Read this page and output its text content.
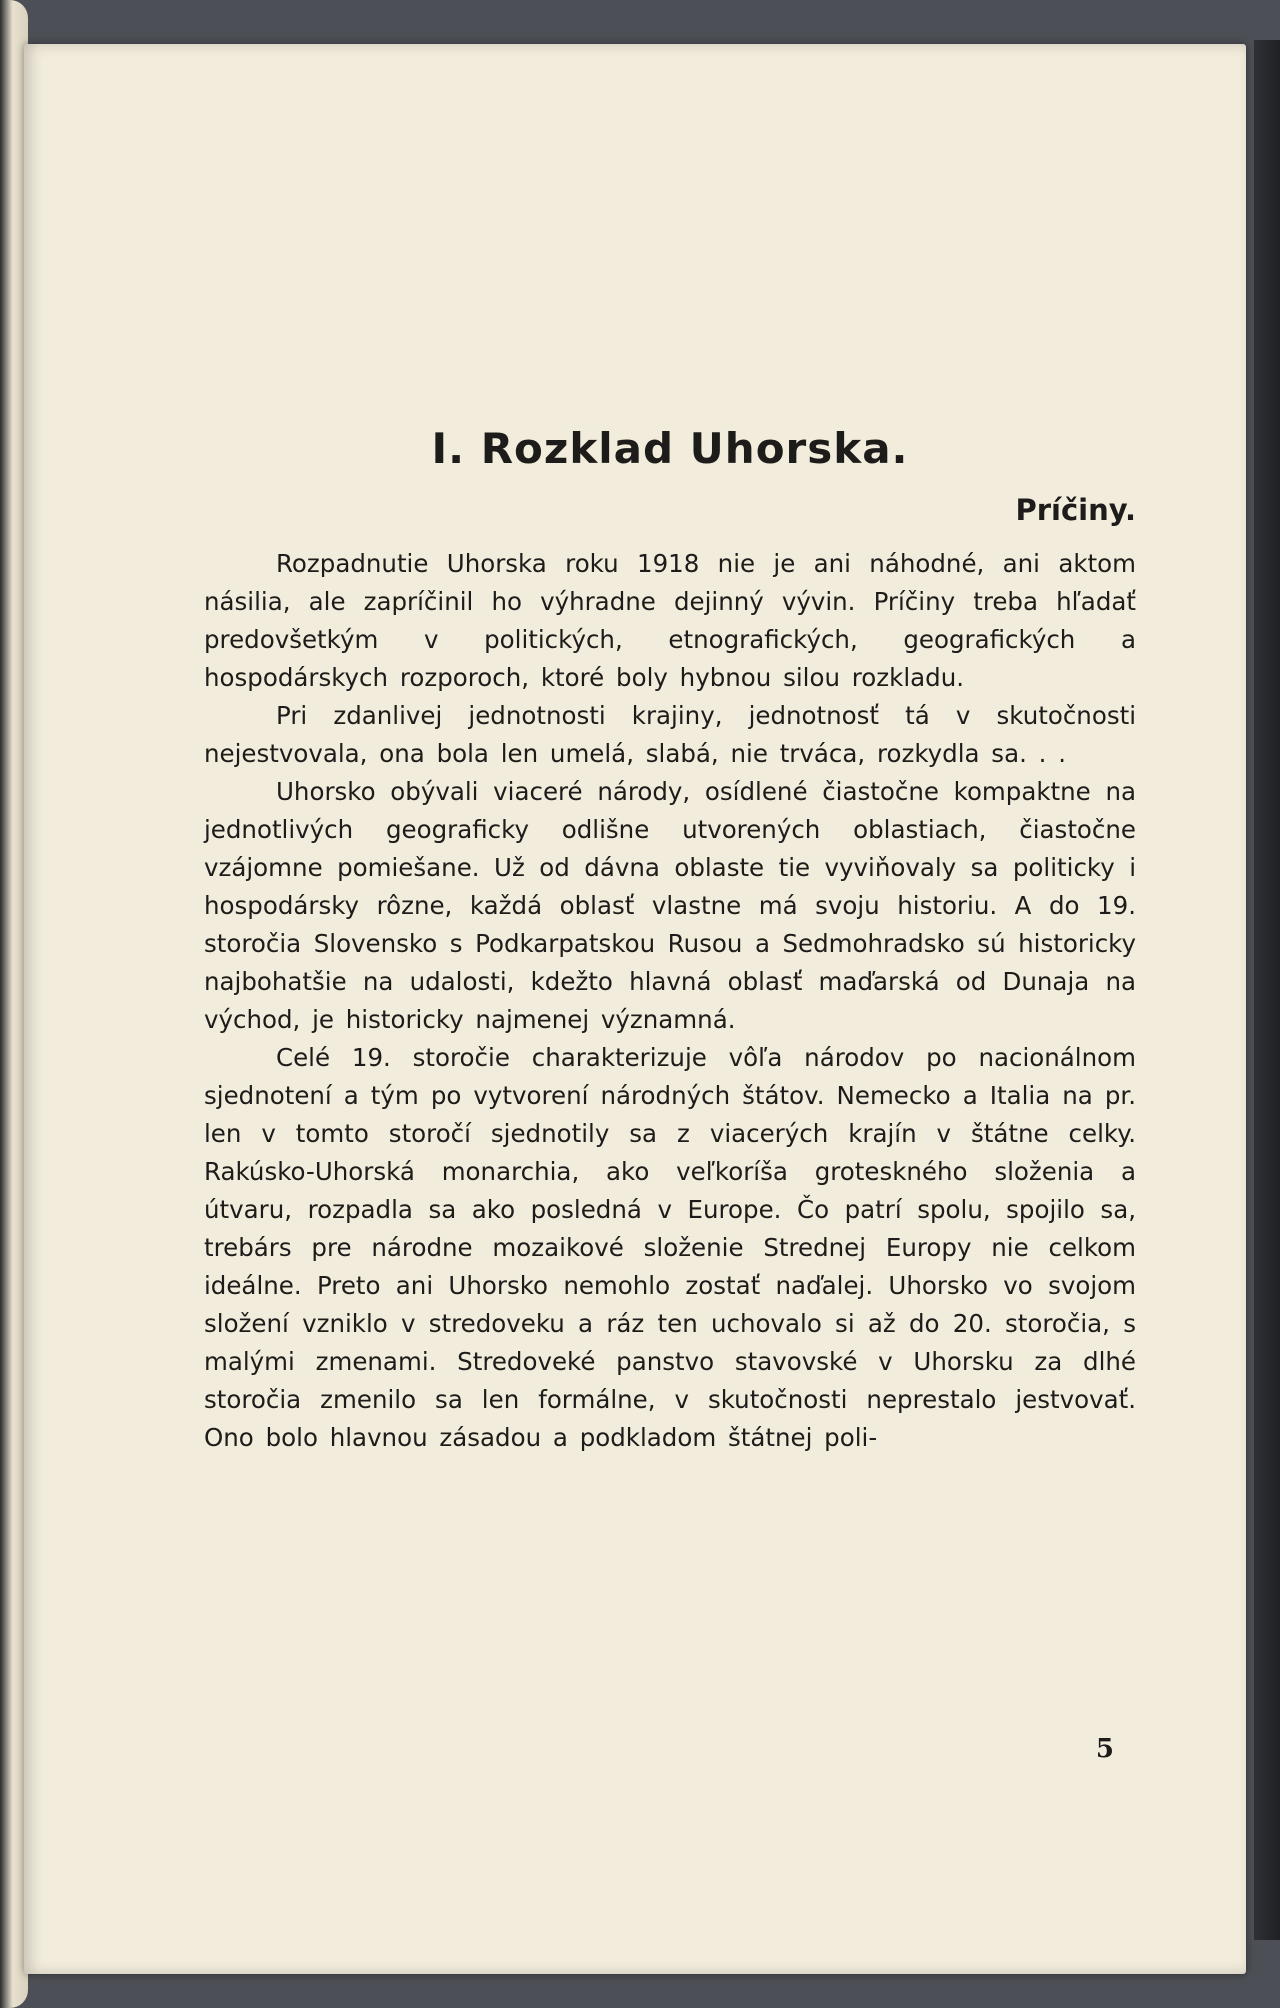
I. Rozklad Uhorska.
Príčiny.

Rozpadnutie Uhorska roku 1918 nie je ani náhodné, ani aktom násilia, ale zapríčinil ho výhradne dejinný vývin. Príčiny treba hľadať predovšetkým v politických, etnografických, geografických a hospodárskych rozporoch, ktoré boly hybnou silou rozkladu.

Pri zdanlivej jednotnosti krajiny, jednotnosť tá v skutočnosti nejestvovala, ona bola len umelá, slabá, nie trváca, rozkydla sa. . .

Uhorsko obývali viaceré národy, osídlené čiastočne kompaktne na jednotlivých geograficky odlišne utvorených oblastiach, čiastočne vzájomne pomiešane. Už od dávna oblaste tie vyviňovaly sa politicky i hospodársky rôzne, každá oblasť vlastne má svoju historiu. A do 19. storočia Slovensko s Podkarpatskou Rusou a Sedmohradsko sú historicky najbohatšie na udalosti, kdežto hlavná oblasť maďarská od Dunaja na východ, je historicky najmenej významná.

Celé 19. storočie charakterizuje vôľa národov po nacionálnom sjednotení a tým po vytvorení národných štátov. Nemecko a Italia na pr. len v tomto storočí sjednotily sa z viacerých krajín v štátne celky. Rakúsko-Uhorská monarchia, ako veľkoríša groteskného složenia a útvaru, rozpadla sa ako posledná v Europe. Čo patrí spolu, spojilo sa, trebárs pre národne mozaikové složenie Strednej Europy nie celkom ideálne. Preto ani Uhorsko nemohlo zostať naďalej. Uhorsko vo svojom složení vzniklo v stredoveku a ráz ten uchovalo si až do 20. storočia, s malými zmenami. Stredoveké panstvo stavovské v Uhorsku za dlhé storočia zmenilo sa len formálne, v skutočnosti neprestalo jestvovať. Ono bolo hlavnou zásadou a podkladom štátnej poli-

5
